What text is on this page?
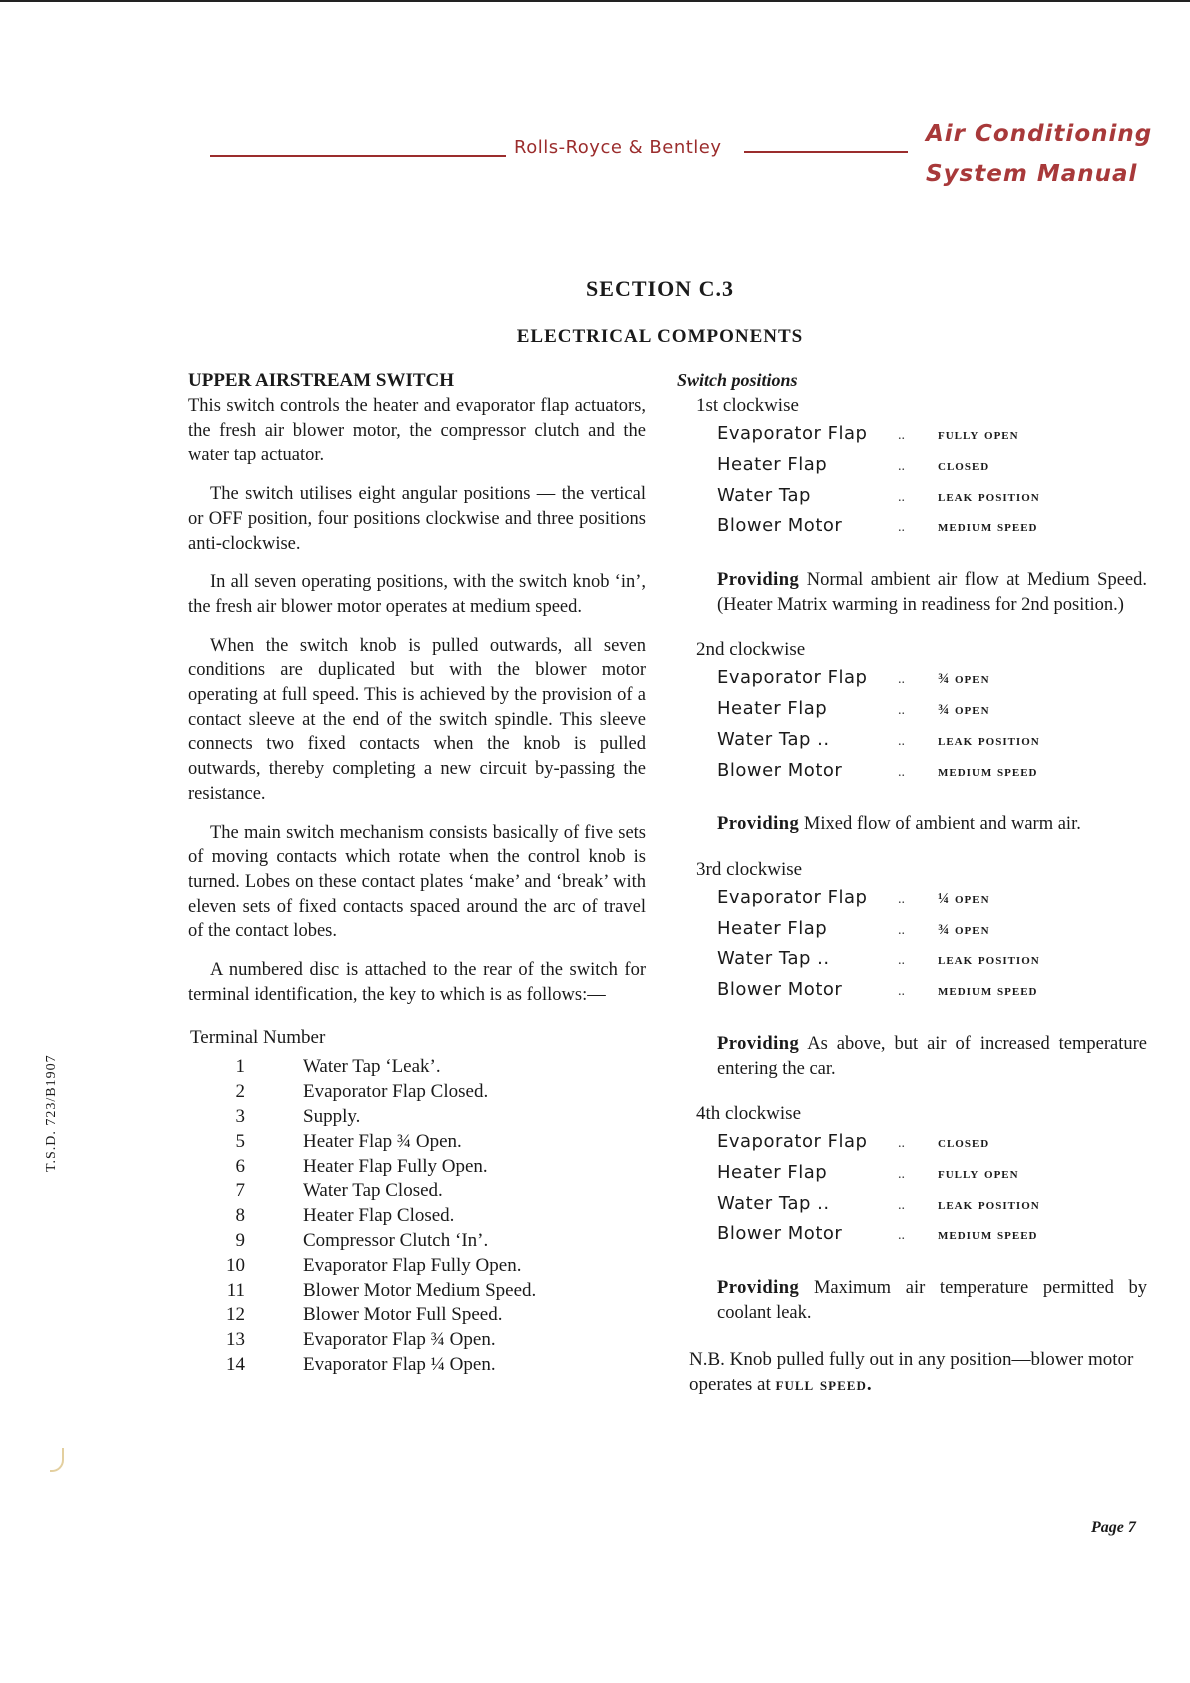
Rolls-Royce & Bentley
Air Conditioning
System Manual
SECTION C.3
ELECTRICAL COMPONENTS
UPPER AIRSTREAM SWITCH

This switch controls the heater and evaporator flap actuators, the fresh air blower motor, the compressor clutch and the water tap actuator.

The switch utilises eight angular positions — the vertical or OFF position, four positions clockwise and three positions anti-clockwise.

In all seven operating positions, with the switch knob ‘in’, the fresh air blower motor operates at medium speed.

When the switch knob is pulled outwards, all seven conditions are duplicated but with the blower motor operating at full speed. This is achieved by the provision of a contact sleeve at the end of the switch spindle. This sleeve connects two fixed contacts when the knob is pulled outwards, thereby completing a new circuit by-passing the resistance.

The main switch mechanism consists basically of five sets of moving contacts which rotate when the control knob is turned. Lobes on these contact plates ‘make’ and ‘break’ with eleven sets of fixed contacts spaced around the arc of travel of the contact lobes.

A numbered disc is attached to the rear of the switch for terminal identification, the key to which is as follows:—

Terminal Number
1	Water Tap ‘Leak’.
2	Evaporator Flap Closed.
3	Supply.
5	Heater Flap ¾ Open.
6	Heater Flap Fully Open.
7	Water Tap Closed.
8	Heater Flap Closed.
9	Compressor Clutch ‘In’.
10	Evaporator Flap Fully Open.
11	Blower Motor Medium Speed.
12	Blower Motor Full Speed.
13	Evaporator Flap ¾ Open.
14	Evaporator Flap ¼ Open.
Switch positions
1st clockwise
Evaporator Flap	..	fully open
Heater Flap	..	closed
Water Tap	..	leak position
Blower Motor	..	medium speed
Providing Normal ambient air flow at Medium Speed. (Heater Matrix warming in readiness for 2nd position.)
2nd clockwise
Evaporator Flap	..	¾ open
Heater Flap	..	¾ open
Water Tap ..	..	leak position
Blower Motor	..	medium speed
Providing Mixed flow of ambient and warm air.
3rd clockwise
Evaporator Flap	..	¼ open
Heater Flap	..	¾ open
Water Tap ..	..	leak position
Blower Motor	..	medium speed
Providing As above, but air of increased temperature entering the car.
4th clockwise
Evaporator Flap	..	closed
Heater Flap	..	fully open
Water Tap ..	..	leak position
Blower Motor	..	medium speed
Providing Maximum air temperature permitted by coolant leak.
N.B. Knob pulled fully out in any position—blower motor operates at full speed.
T.S.D. 723/B1907
Page 7
